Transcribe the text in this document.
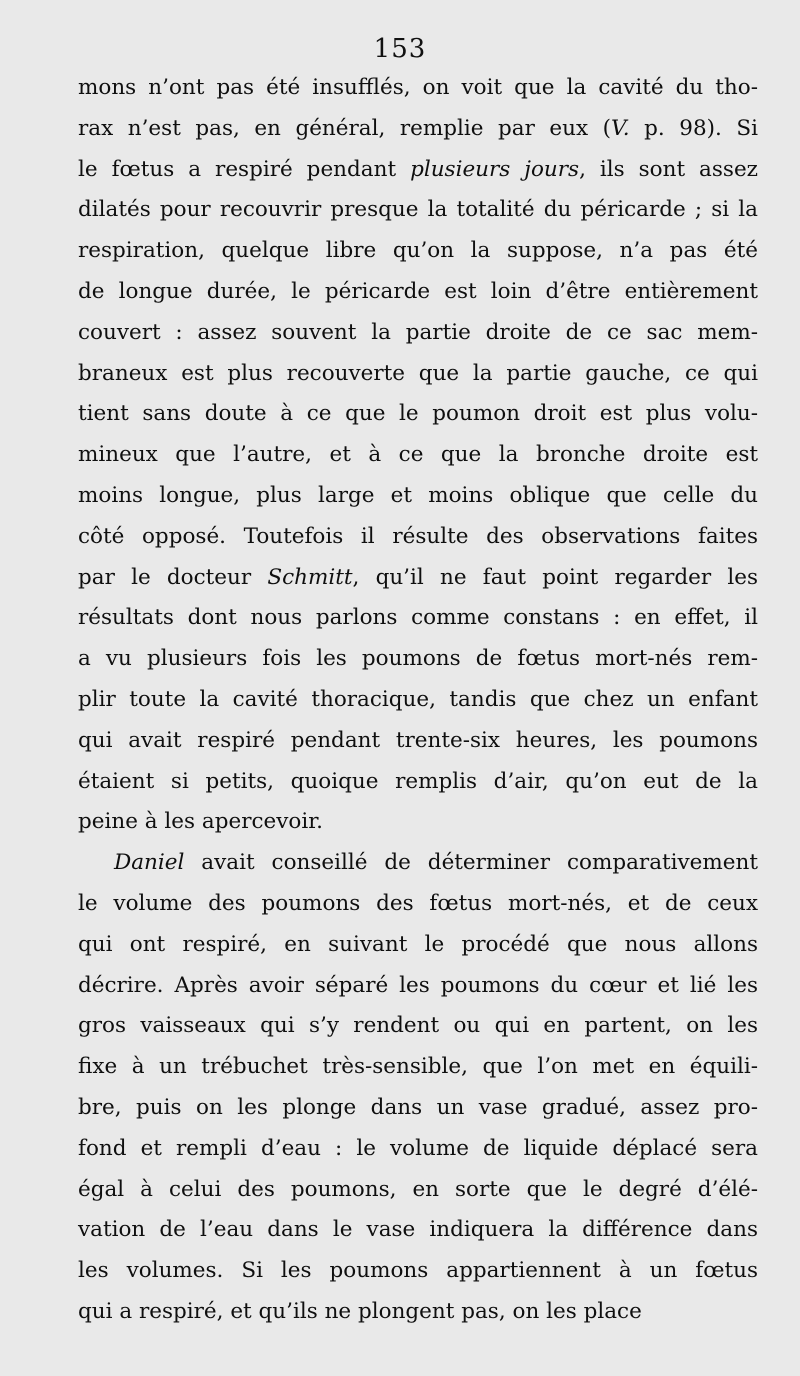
153
mons n’ont pas été insufflés, on voit que la cavité du tho-
rax n’est pas, en général, remplie par eux (V. p. 98). Si
le fœtus a respiré pendant plusieurs jours, ils sont assez
dilatés pour recouvrir presque la totalité du péricarde ; si la
respiration, quelque libre qu’on la suppose, n’a pas été
de longue durée, le péricarde est loin d’être entièrement
couvert : assez souvent la partie droite de ce sac mem-
braneux est plus recouverte que la partie gauche, ce qui
tient sans doute à ce que le poumon droit est plus volu-
mineux que l’autre, et à ce que la bronche droite est
moins longue, plus large et moins oblique que celle du
côté opposé. Toutefois il résulte des observations faites
par le docteur Schmitt, qu’il ne faut point regarder les
résultats dont nous parlons comme constans : en effet, il
a vu plusieurs fois les poumons de fœtus mort-nés rem-
plir toute la cavité thoracique, tandis que chez un enfant
qui avait respiré pendant trente-six heures, les poumons
étaient si petits, quoique remplis d’air, qu’on eut de la
peine à les apercevoir.
Daniel avait conseillé de déterminer comparativement
le volume des poumons des fœtus mort-nés, et de ceux
qui ont respiré, en suivant le procédé que nous allons
décrire. Après avoir séparé les poumons du cœur et lié les
gros vaisseaux qui s’y rendent ou qui en partent, on les
fixe à un trébuchet très-sensible, que l’on met en équili-
bre, puis on les plonge dans un vase gradué, assez pro-
fond et rempli d’eau : le volume de liquide déplacé sera
égal à celui des poumons, en sorte que le degré d’élé-
vation de l’eau dans le vase indiquera la différence dans
les volumes. Si les poumons appartiennent à un fœtus
qui a respiré, et qu’ils ne plongent pas, on les place
